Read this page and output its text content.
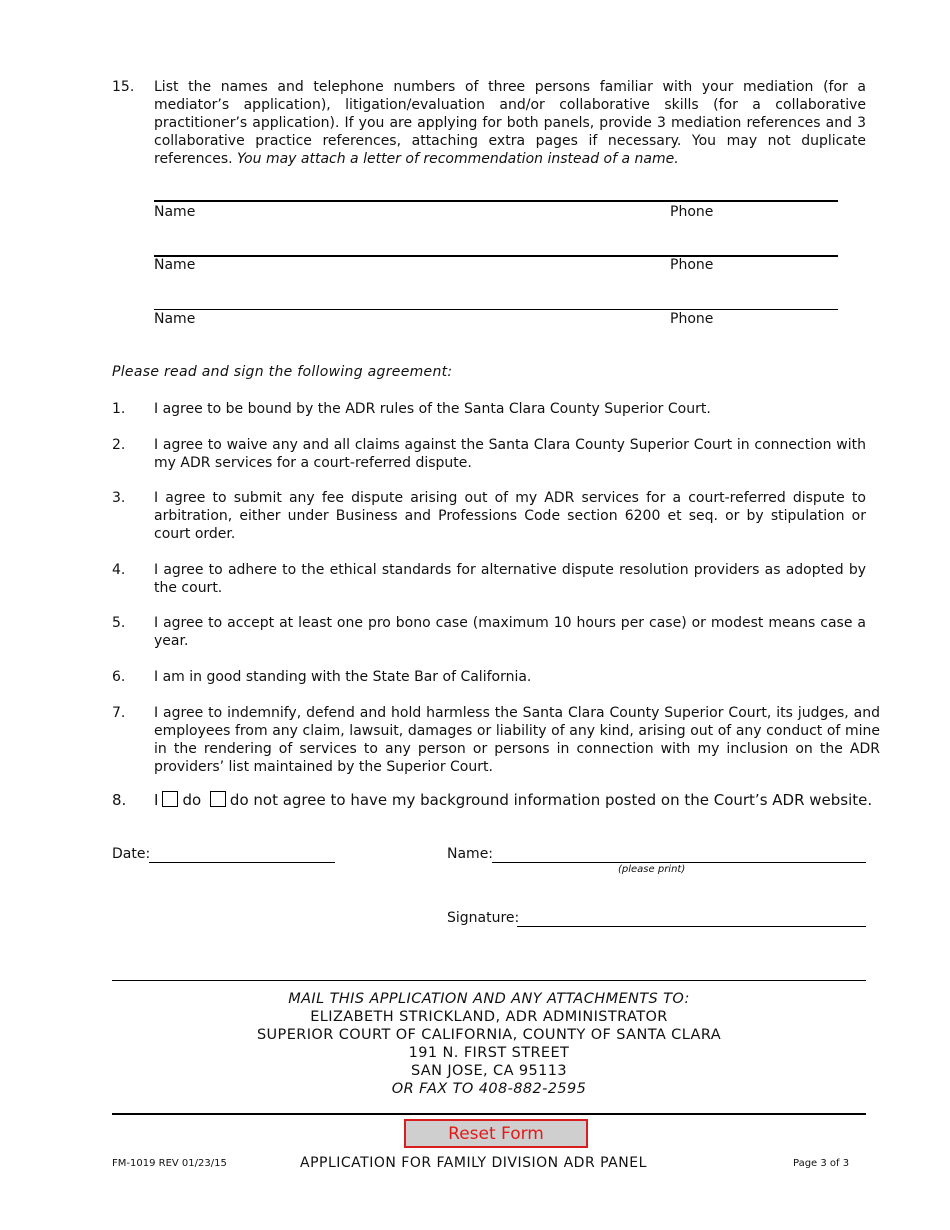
15. List the names and telephone numbers of three persons familiar with your mediation (for a mediator’s application), litigation/evaluation and/or collaborative skills (for a collaborative practitioner’s application). If you are applying for both panels, provide 3 mediation references and 3 collaborative practice references, attaching extra pages if necessary. You may not duplicate references. You may attach a letter of recommendation instead of a name.
Name	Phone
Name	Phone
Name	Phone
Please read and sign the following agreement:
1. I agree to be bound by the ADR rules of the Santa Clara County Superior Court.
2. I agree to waive any and all claims against the Santa Clara County Superior Court in connection with my ADR services for a court-referred dispute.
3. I agree to submit any fee dispute arising out of my ADR services for a court-referred dispute to arbitration, either under Business and Professions Code section 6200 et seq. or by stipulation or court order.
4. I agree to adhere to the ethical standards for alternative dispute resolution providers as adopted by the court.
5. I agree to accept at least one pro bono case (maximum 10 hours per case) or modest means case a year.
6. I am in good standing with the State Bar of California.
7. I agree to indemnify, defend and hold harmless the Santa Clara County Superior Court, its judges, and employees from any claim, lawsuit, damages or liability of any kind, arising out of any conduct of mine in the rendering of services to any person or persons in connection with my inclusion on the ADR providers’ list maintained by the Superior Court.
8. I do do not agree to have my background information posted on the Court’s ADR website.
Date:	Name:
(please print)
Signature:
MAIL THIS APPLICATION AND ANY ATTACHMENTS TO:
ELIZABETH STRICKLAND, ADR ADMINISTRATOR
SUPERIOR COURT OF CALIFORNIA, COUNTY OF SANTA CLARA
191 N. FIRST STREET
SAN JOSE, CA 95113
OR FAX TO 408-882-2595
Reset Form
FM-1019 REV 01/23/15	APPLICATION FOR FAMILY DIVISION ADR PANEL	Page 3 of 3
